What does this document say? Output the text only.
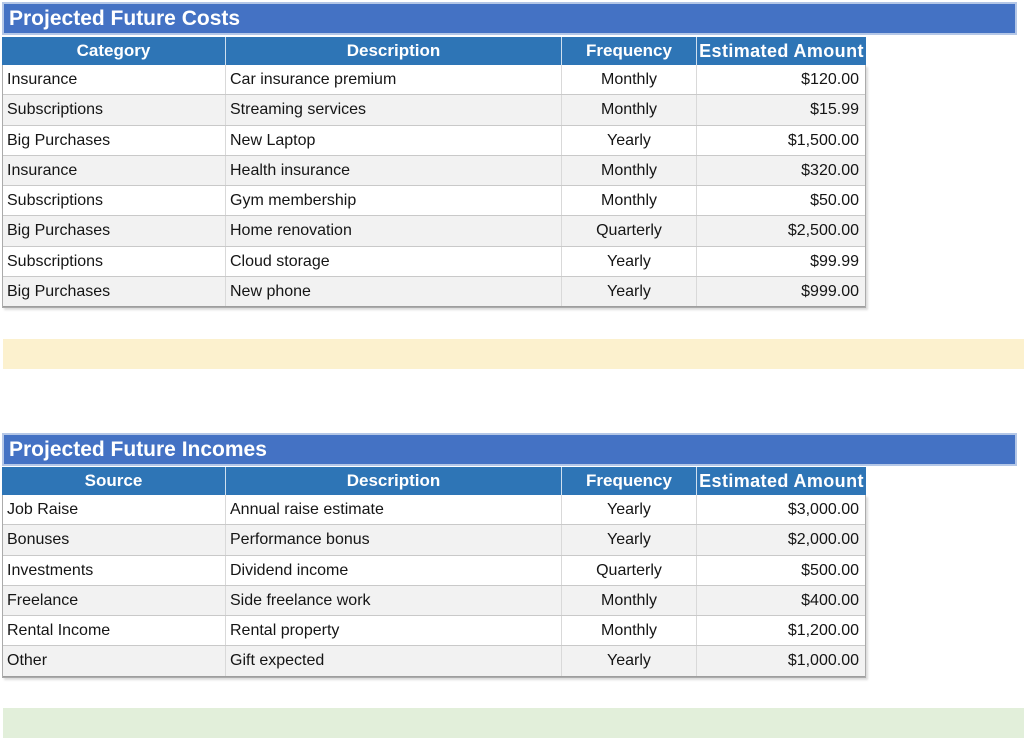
Projected Future Costs
Category	Description	Frequency	Estimated Amount
Insurance	Car insurance premium	Monthly	$120.00
Subscriptions	Streaming services	Monthly	$15.99
Big Purchases	New Laptop	Yearly	$1,500.00
Insurance	Health insurance	Monthly	$320.00
Subscriptions	Gym membership	Monthly	$50.00
Big Purchases	Home renovation	Quarterly	$2,500.00
Subscriptions	Cloud storage	Yearly	$99.99
Big Purchases	New phone	Yearly	$999.00
Projected Future Incomes
Source	Description	Frequency	Estimated Amount
Job Raise	Annual raise estimate	Yearly	$3,000.00
Bonuses	Performance bonus	Yearly	$2,000.00
Investments	Dividend income	Quarterly	$500.00
Freelance	Side freelance work	Monthly	$400.00
Rental Income	Rental property	Monthly	$1,200.00
Other	Gift expected	Yearly	$1,000.00
